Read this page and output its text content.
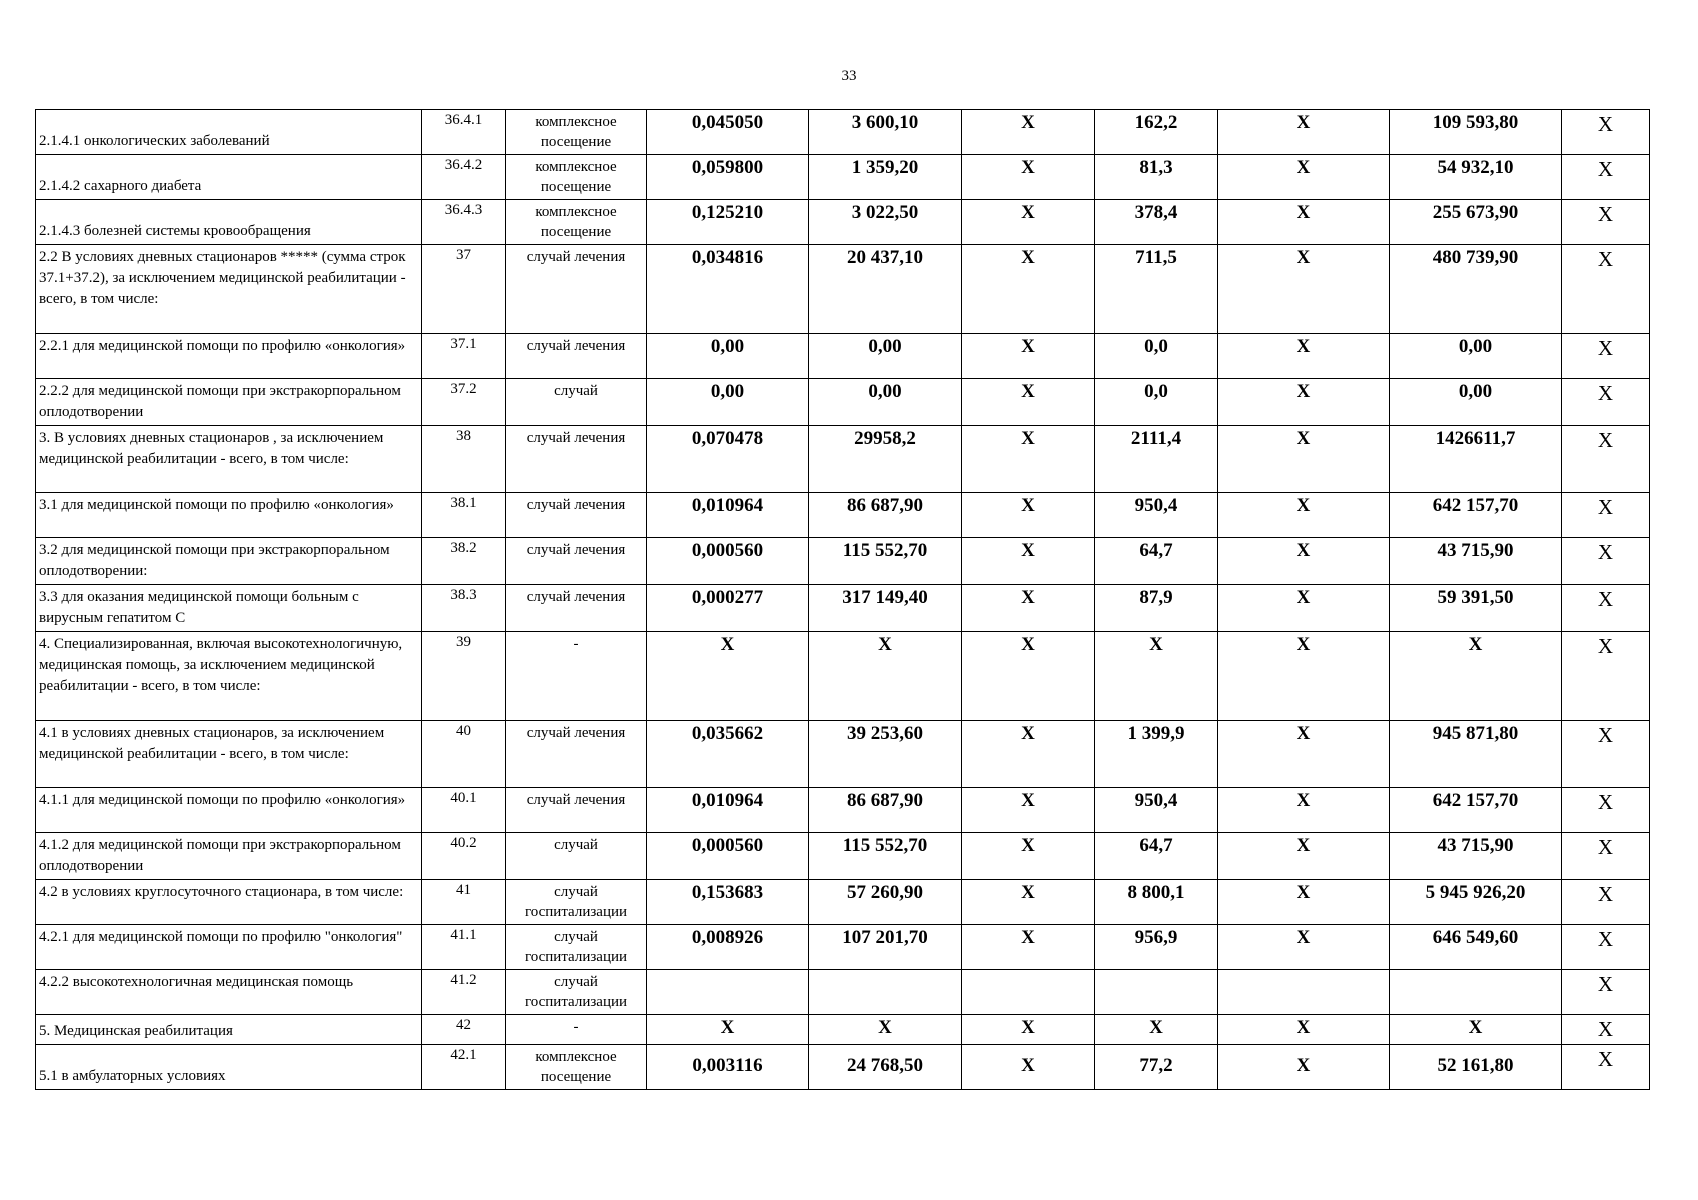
33
2.1.4.1 онкологических заболеваний	36.4.1	комплексное посещение	0,045050	3 600,10	X	162,2	X	109 593,80	X
2.1.4.2 сахарного диабета	36.4.2	комплексное посещение	0,059800	1 359,20	X	81,3	X	54 932,10	X
2.1.4.3 болезней системы кровообращения	36.4.3	комплексное посещение	0,125210	3 022,50	X	378,4	X	255 673,90	X
2.2 В условиях дневных стационаров ***** (сумма строк 37.1+37.2), за исключением медицинской реабилитации - всего, в том числе:	37	случай лечения	0,034816	20 437,10	X	711,5	X	480 739,90	X
2.2.1 для медицинской помощи по профилю «онкология»	37.1	случай лечения	0,00	0,00	X	0,0	X	0,00	X
2.2.2 для медицинской помощи при экстракорпоральном оплодотворении	37.2	случай	0,00	0,00	X	0,0	X	0,00	X
3. В условиях дневных стационаров , за исключением медицинской реабилитации - всего, в том числе:	38	случай лечения	0,070478	29958,2	X	2111,4	X	1426611,7	X
3.1 для медицинской помощи по профилю «онкология»	38.1	случай лечения	0,010964	86 687,90	X	950,4	X	642 157,70	X
3.2 для медицинской помощи при экстракорпоральном оплодотворении:	38.2	случай лечения	0,000560	115 552,70	X	64,7	X	43 715,90	X
3.3 для оказания медицинской помощи больным с вирусным гепатитом С	38.3	случай лечения	0,000277	317 149,40	X	87,9	X	59 391,50	X
4. Специализированная, включая высокотехнологичную, медицинская помощь, за исключением медицинской реабилитации - всего, в том числе:	39	-	X	X	X	X	X	X	X
4.1 в условиях дневных стационаров, за исключением медицинской реабилитации - всего, в том числе:	40	случай лечения	0,035662	39 253,60	X	1 399,9	X	945 871,80	X
4.1.1 для медицинской помощи по профилю «онкология»	40.1	случай лечения	0,010964	86 687,90	X	950,4	X	642 157,70	X
4.1.2 для медицинской помощи при экстракорпоральном оплодотворении	40.2	случай	0,000560	115 552,70	X	64,7	X	43 715,90	X
4.2 в условиях круглосуточного стационара, в том числе:	41	случай госпитализации	0,153683	57 260,90	X	8 800,1	X	5 945 926,20	X
4.2.1 для медицинской помощи по профилю "онкология"	41.1	случай госпитализации	0,008926	107 201,70	X	956,9	X	646 549,60	X
4.2.2 высокотехнологичная медицинская помощь	41.2	случай госпитализации							X
5. Медицинская реабилитация	42	-	X	X	X	X	X	X	X
5.1 в амбулаторных условиях	42.1	комплексное посещение	0,003116	24 768,50	X	77,2	X	52 161,80	X
